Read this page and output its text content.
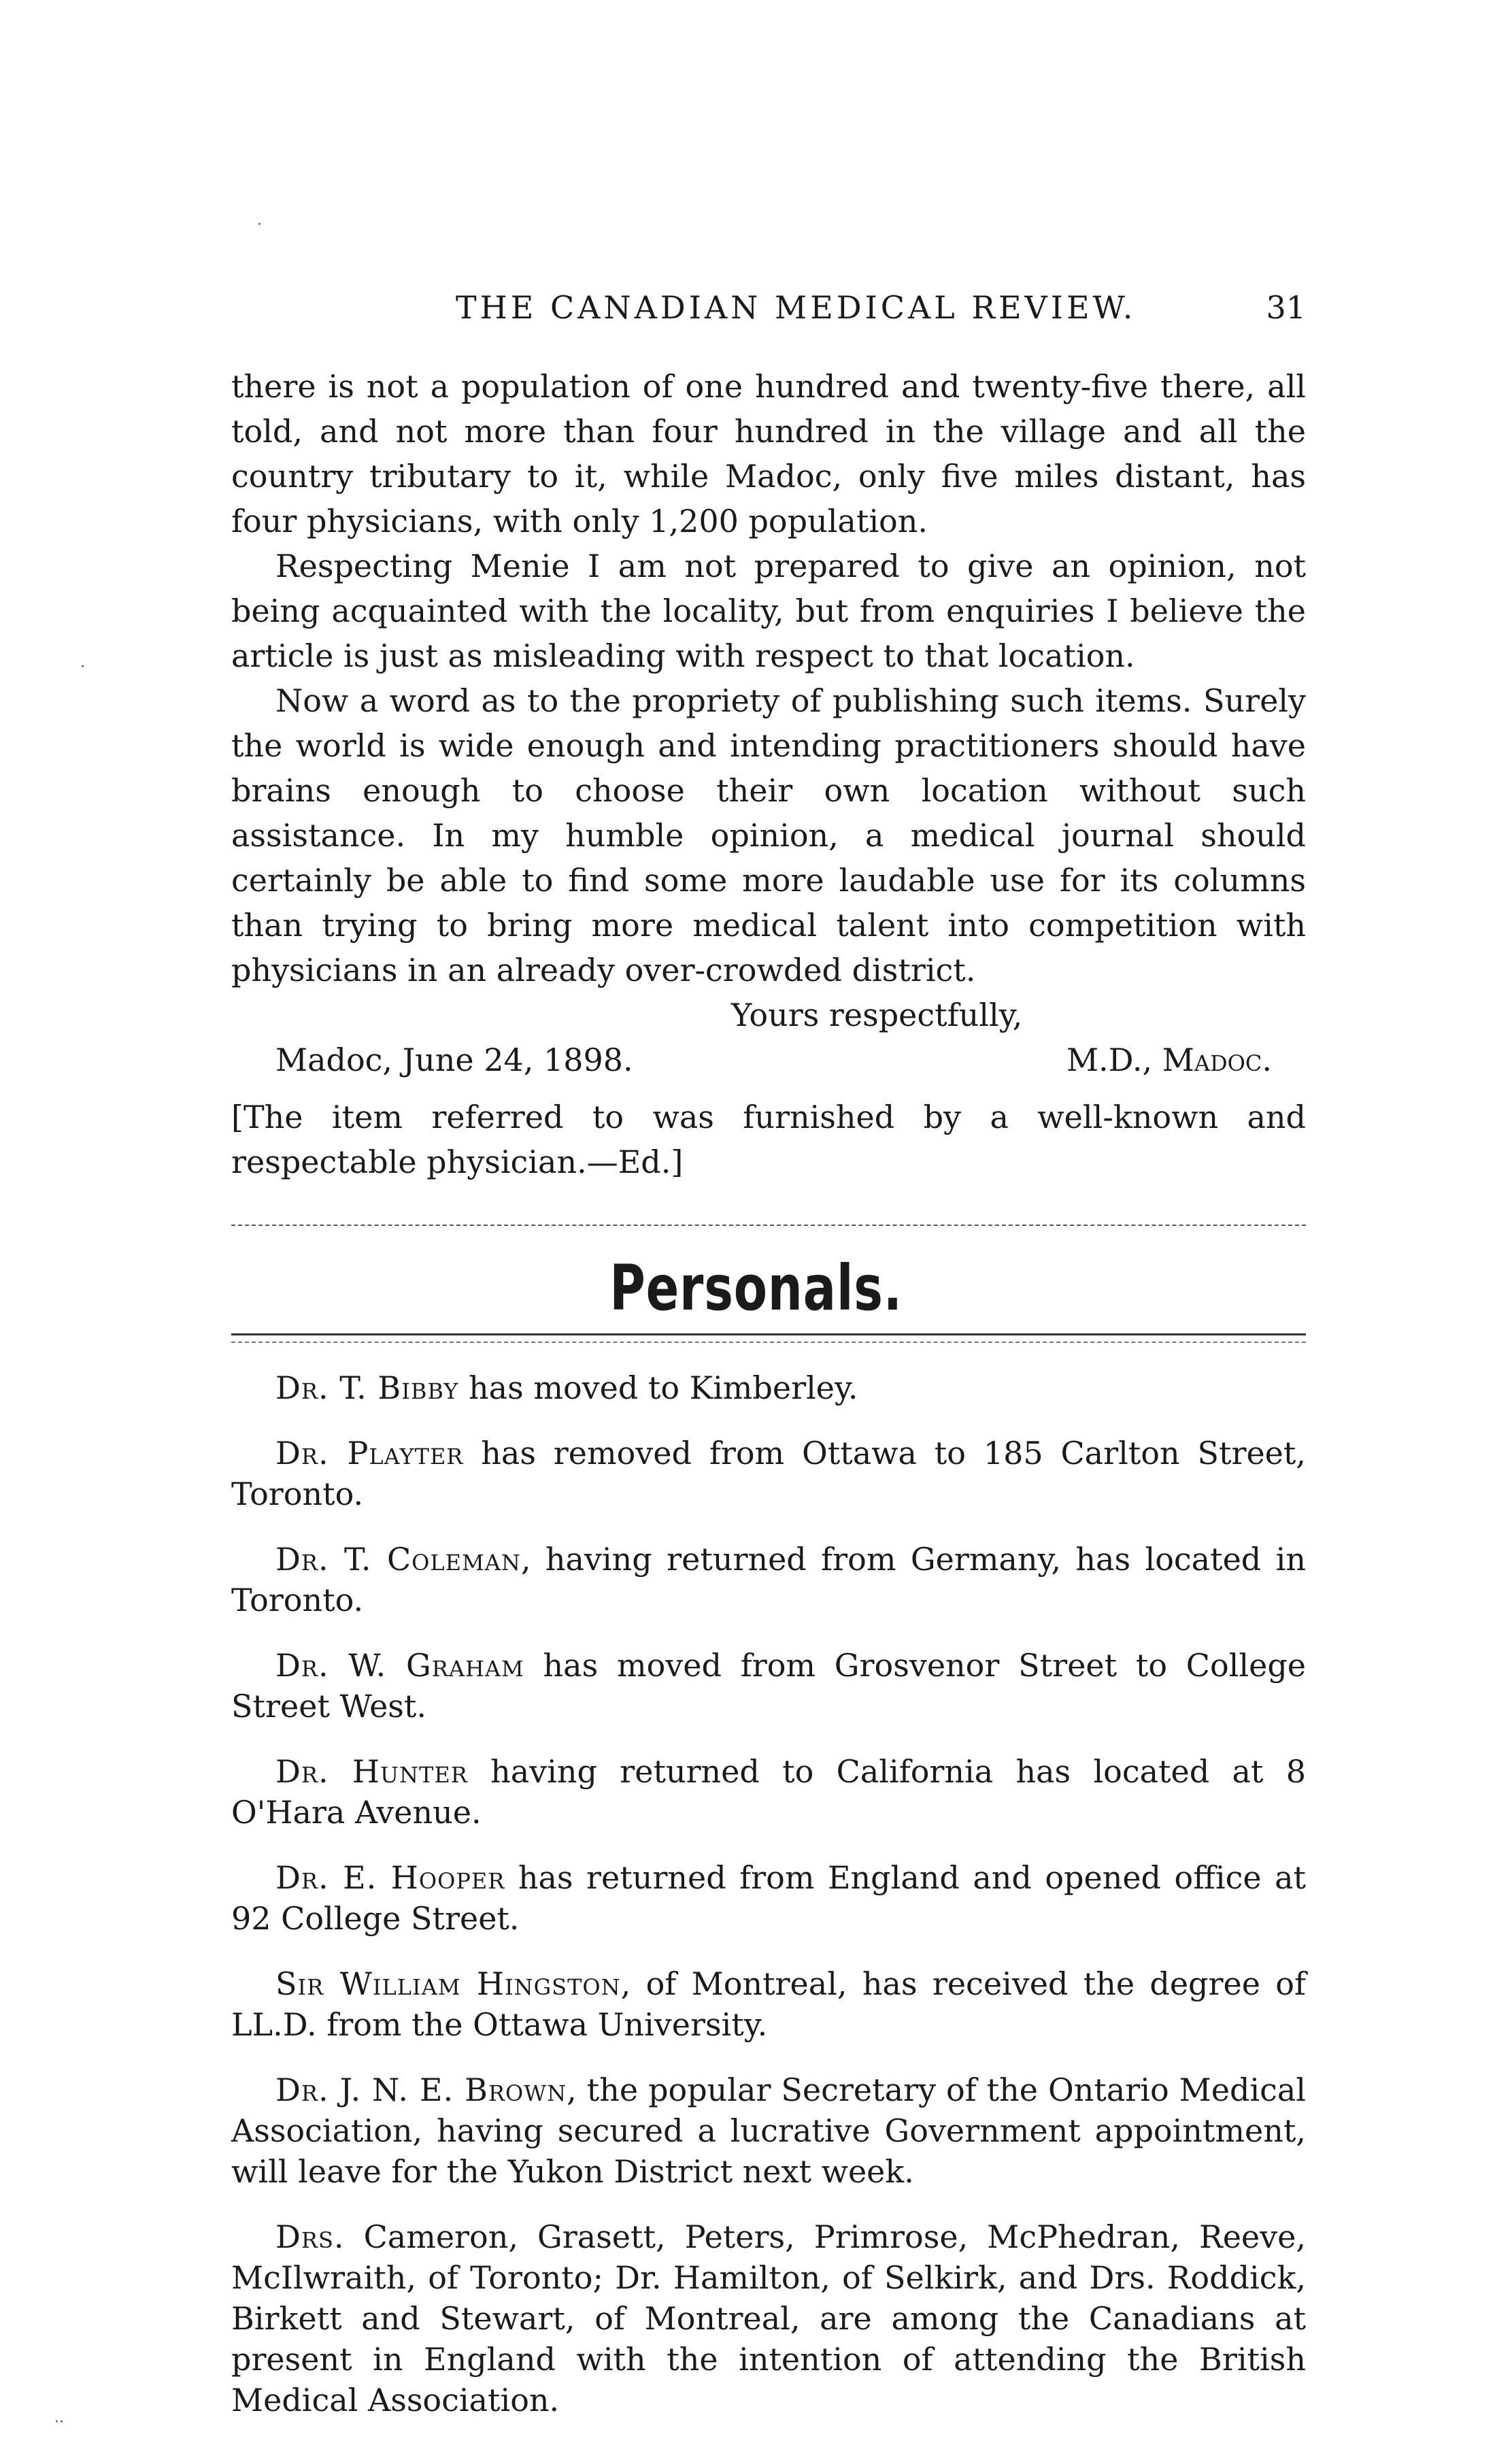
THE CANADIAN MEDICAL REVIEW.	31

there is not a population of one hundred and twenty-five there, all told, and not more than four hundred in the village and all the country tributary to it, while Madoc, only five miles distant, has four physicians, with only 1,200 population.

Respecting Menie I am not prepared to give an opinion, not being acquainted with the locality, but from enquiries I believe the article is just as misleading with respect to that location.

Now a word as to the propriety of publishing such items. Surely the world is wide enough and intending practitioners should have brains enough to choose their own location without such assistance. In my humble opinion, a medical journal should certainly be able to find some more laudable use for its columns than trying to bring more medical talent into competition with physicians in an already over-crowded district.

Yours respectfully,

Madoc, June 24, 1898.	M.D., Madoc.

[The item referred to was furnished by a well-known and respectable physician.—Ed.]

Personals.

Dr. T. Bibby has moved to Kimberley.

Dr. Playter has removed from Ottawa to 185 Carlton Street, Toronto.

Dr. T. Coleman, having returned from Germany, has located in Toronto.

Dr. W. Graham has moved from Grosvenor Street to College Street West.

Dr. Hunter having returned to California has located at 8 O'Hara Avenue.

Dr. E. Hooper has returned from England and opened office at 92 College Street.

Sir William Hingston, of Montreal, has received the degree of LL.D. from the Ottawa University.

Dr. J. N. E. Brown, the popular Secretary of the Ontario Medical Association, having secured a lucrative Government appointment, will leave for the Yukon District next week.

Drs. Cameron, Grasett, Peters, Primrose, McPhedran, Reeve, McIlwraith, of Toronto; Dr. Hamilton, of Selkirk, and Drs. Roddick, Birkett and Stewart, of Montreal, are among the Canadians at present in England with the intention of attending the British Medical Association.

·
·
··
